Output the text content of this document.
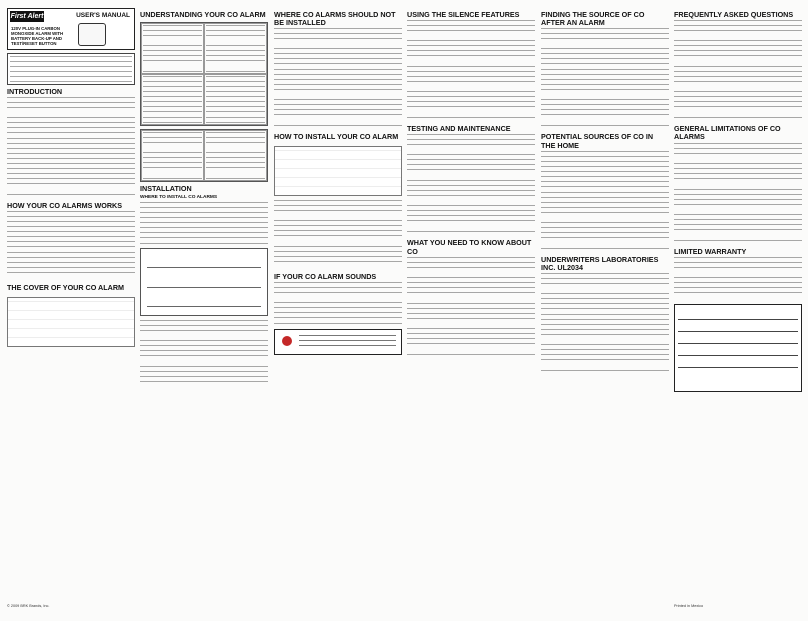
First Alert	USER'S MANUAL
120V PLUG-IN CARBON MONOXIDE ALARM WITH BATTERY BACK-UP AND TEST/RESET BUTTON
INTRODUCTION
HOW YOUR CO ALARMS WORKS
THE COVER OF YOUR CO ALARM
© 2009 BRK Brands, Inc.
UNDERSTANDING YOUR CO ALARM
INSTALLATION
WHERE TO INSTALL CO ALARMS
WHERE CO ALARMS SHOULD NOT BE INSTALLED
HOW TO INSTALL YOUR CO ALARM
IF YOUR CO ALARM SOUNDS
USING THE SILENCE FEATURES
TESTING AND MAINTENANCE
WHAT YOU NEED TO KNOW ABOUT CO
FINDING THE SOURCE OF CO AFTER AN ALARM
POTENTIAL SOURCES OF CO IN THE HOME
UNDERWRITERS LABORATORIES INC. UL2034
FREQUENTLY ASKED QUESTIONS
GENERAL LIMITATIONS OF CO ALARMS
LIMITED WARRANTY
Printed in Mexico
